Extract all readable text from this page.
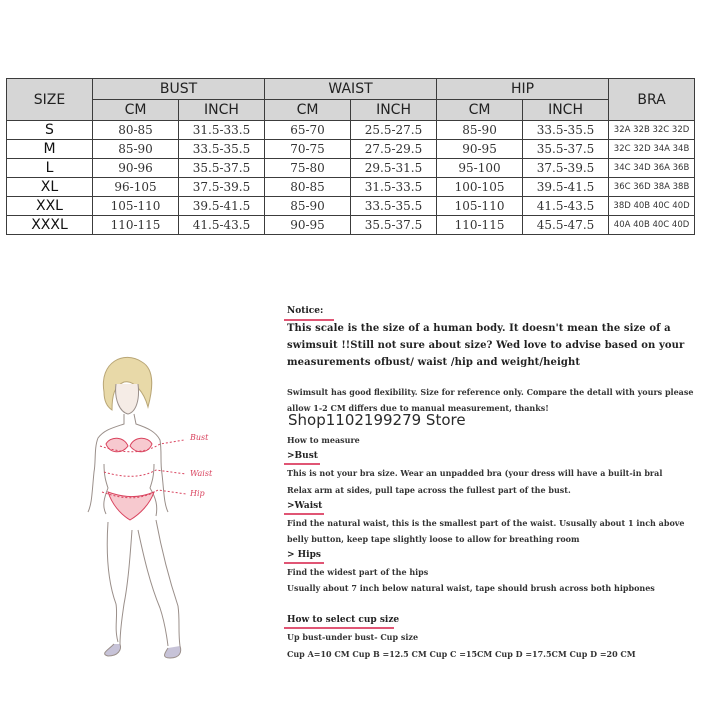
SIZE	BUST		WAIST		HIP		BRA
	CM	INCH	CM	INCH	CM	INCH	
S	80-85	31.5-33.5	65-70	25.5-27.5	85-90	33.5-35.5	32A 32B 32C 32D
M	85-90	33.5-35.5	70-75	27.5-29.5	90-95	35.5-37.5	32C 32D 34A 34B
L	90-96	35.5-37.5	75-80	29.5-31.5	95-100	37.5-39.5	34C 34D 36A 36B
XL	96-105	37.5-39.5	80-85	31.5-33.5	100-105	39.5-41.5	36C 36D 38A 38B
XXL	105-110	39.5-41.5	85-90	33.5-35.5	105-110	41.5-43.5	38D 40B 40C 40D
XXXL	110-115	41.5-43.5	90-95	35.5-37.5	110-115	45.5-47.5	40A 40B 40C 40D
Bust
Waist
Hip
Notice:
This scale is the size of a human body. It doesn't mean the size of a
swimsuit !!Still not sure about size? Wed love to advise based on your
measurements ofbust/ waist /hip and weight/height
Swimsult has good flexibility. Size for reference only. Compare the detall with yours please
allow 1-2 CM differs due to manual measurement, thanks!
How to measure
>Bust
This is not your bra size. Wear an unpadded bra (your dress will have a built-in bral
Relax arm at sides, pull tape across the fullest part of the bust.
>Waist
Find the natural waist, this is the smallest part of the waist. Ususally about 1 inch above
belly button, keep tape slightly loose to allow for breathing room
> Hips
Find the widest part of the hips
Usually about 7 inch below natural waist, tape should brush across both hipbones
How to select cup size
Up bust-under bust- Cup size
Cup A=10 CM Cup B =12.5 CM Cup C =15CM Cup D =17.5CM Cup D =20 CM
Shop1102199279 Store
